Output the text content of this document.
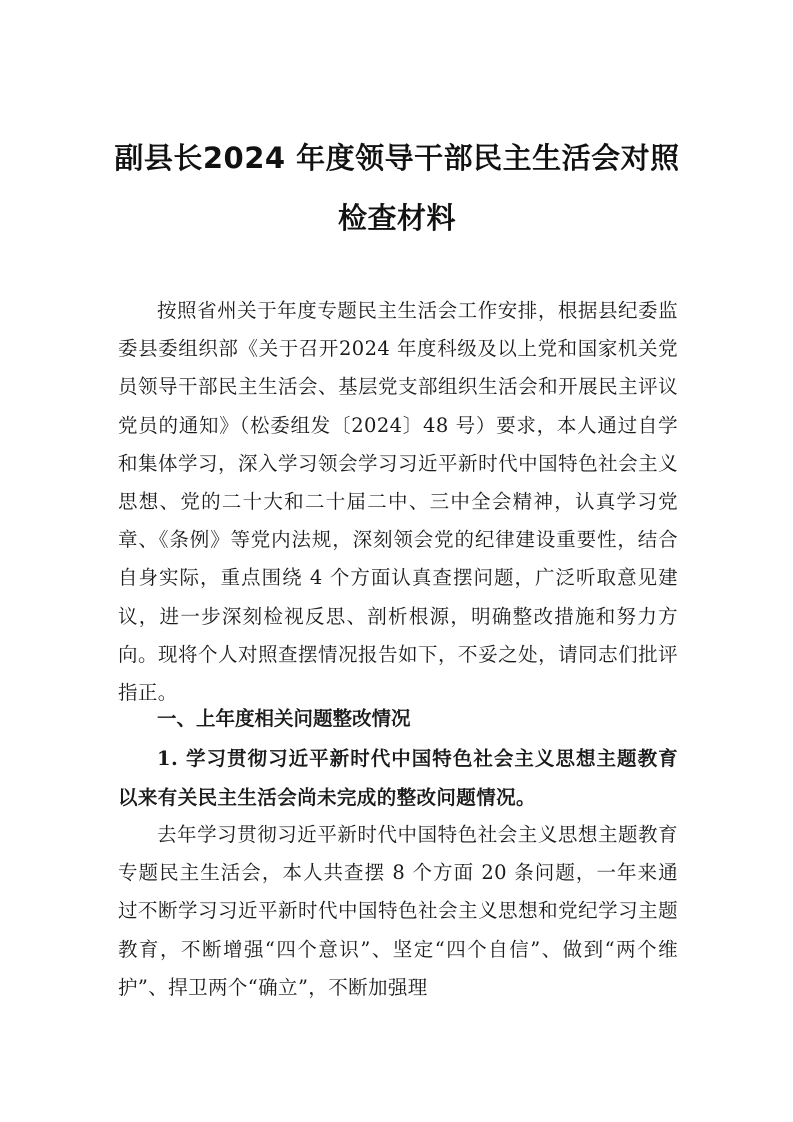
副县长2024 年度领导干部民主生活会对照
检查材料

按照省州关于年度专题民主生活会工作安排，根据县纪委监委县委组织部《关于召开2024 年度科级及以上党和国家机关党员领导干部民主生活会、基层党支部组织生活会和开展民主评议党员的通知》（松委组发〔2024〕48 号）要求，本人通过自学和集体学习，深入学习领会学习习近平新时代中国特色社会主义思想、党的二十大和二十届二中、三中全会精神，认真学习党章、《条例》等党内法规，深刻领会党的纪律建设重要性，结合自身实际，重点围绕 4 个方面认真查摆问题，广泛听取意见建议，进一步深刻检视反思、剖析根源，明确整改措施和努力方向。现将个人对照查摆情况报告如下，不妥之处，请同志们批评指正。

一、上年度相关问题整改情况
1. 学习贯彻习近平新时代中国特色社会主义思想主题教育以来有关民主生活会尚未完成的整改问题情况。

去年学习贯彻习近平新时代中国特色社会主义思想主题教育专题民主生活会，本人共查摆 8 个方面 20 条问题，一年来通过不断学习习近平新时代中国特色社会主义思想和党纪学习主题教育，不断增强“四个意识”、坚定“四个自信”、做到“两个维护”、捍卫两个“确立”，不断加强理
